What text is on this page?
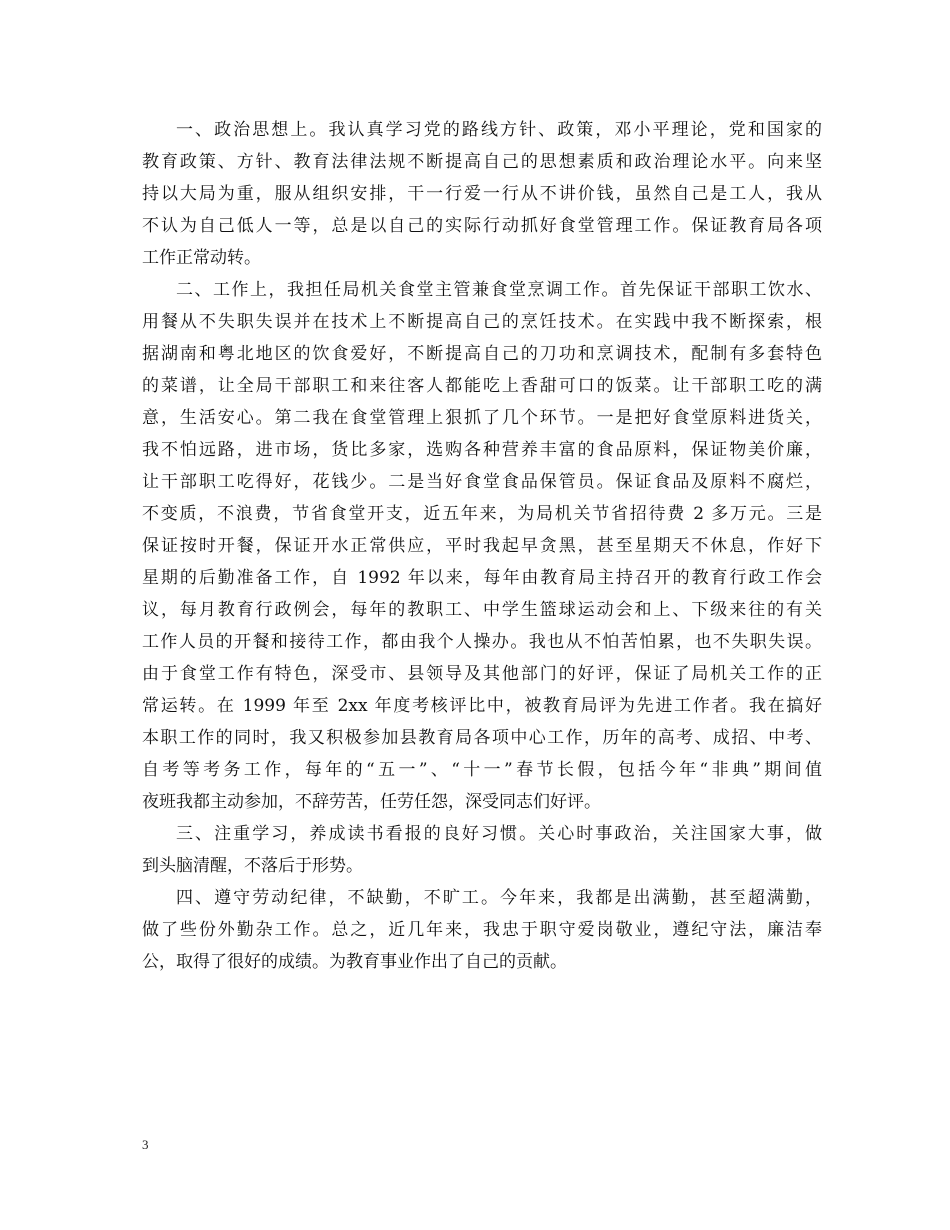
一、政治思想上。我认真学习党的路线方针、政策，邓小平理论，党和国家的
教育政策、方针、教育法律法规不断提高自己的思想素质和政治理论水平。向来坚
持以大局为重，服从组织安排，干一行爱一行从不讲价钱，虽然自己是工人，我从
不认为自己低人一等，总是以自己的实际行动抓好食堂管理工作。保证教育局各项
工作正常动转。
二、工作上，我担任局机关食堂主管兼食堂烹调工作。首先保证干部职工饮水、
用餐从不失职失误并在技术上不断提高自己的烹饪技术。在实践中我不断探索，根
据湖南和粤北地区的饮食爱好，不断提高自己的刀功和烹调技术，配制有多套特色
的菜谱，让全局干部职工和来往客人都能吃上香甜可口的饭菜。让干部职工吃的满
意，生活安心。第二我在食堂管理上狠抓了几个环节。一是把好食堂原料进货关，
我不怕远路，进市场，货比多家，选购各种营养丰富的食品原料，保证物美价廉，
让干部职工吃得好，花钱少。二是当好食堂食品保管员。保证食品及原料不腐烂，
不变质，不浪费，节省食堂开支，近五年来，为局机关节省招待费 2 多万元。三是
保证按时开餐，保证开水正常供应，平时我起早贪黑，甚至星期天不休息，作好下
星期的后勤准备工作，自 1992 年以来，每年由教育局主持召开的教育行政工作会
议，每月教育行政例会，每年的教职工、中学生篮球运动会和上、下级来往的有关
工作人员的开餐和接待工作，都由我个人操办。我也从不怕苦怕累，也不失职失误。
由于食堂工作有特色，深受市、县领导及其他部门的好评，保证了局机关工作的正
常运转。在 1999 年至 2xx 年度考核评比中，被教育局评为先进工作者。我在搞好
本职工作的同时，我又积极参加县教育局各项中心工作，历年的高考、成招、中考、
自考等考务工作，每年的“五一”、“十一”春节长假，包括今年“非典”期间值
夜班我都主动参加，不辞劳苦，任劳任怨，深受同志们好评。
三、注重学习，养成读书看报的良好习惯。关心时事政治，关注国家大事，做
到头脑清醒，不落后于形势。
四、遵守劳动纪律，不缺勤，不旷工。今年来，我都是出满勤，甚至超满勤，
做了些份外勤杂工作。总之，近几年来，我忠于职守爱岗敬业，遵纪守法，廉洁奉
公，取得了很好的成绩。为教育事业作出了自己的贡献。
3
